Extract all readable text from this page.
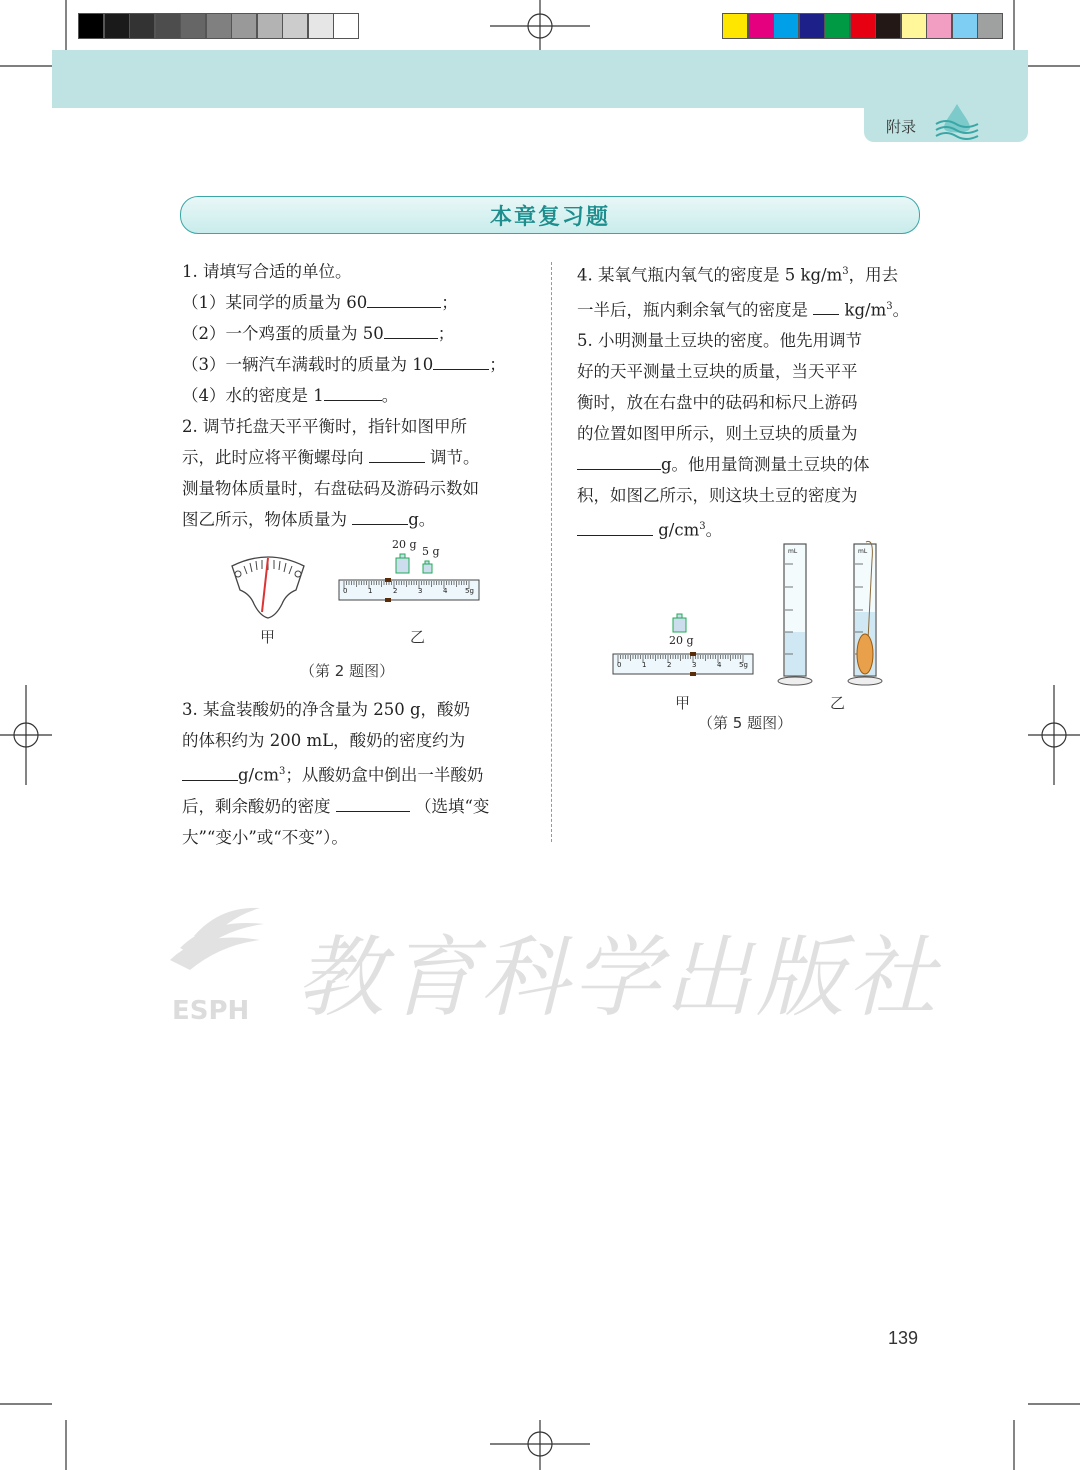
附录
本章复习题

1. 请填写合适的单位。

（1）某同学的质量为 60	；

（2）一个鸡蛋的质量为 50	；

（3）一辆汽车满载时的质量为 10	；

（4）水的密度是 1	。

2. 调节托盘天平平衡时，指针如图甲所

示，此时应将平衡螺母向	调节。

测量物体质量时，右盘砝码及游码示数如

图乙所示，物体质量为	g。

甲
20 g
5 g
0	1	2	3	4	5g
乙
（第 2 题图）

3. 某盒装酸奶的净含量为 250 g，酸奶

的体积约为 200 mL，酸奶的密度约为

$g/cm^3$；从酸奶盒中倒出一半酸奶

后，剩余酸奶的密度	（选填“变

大”“变小”或“不变”）。

4. 某氧气瓶内氧气的密度是 5 $kg/m^3$，用去

一半后，瓶内剩余氧气的密度是 $kg/m^3$。

5. 小明测量土豆块的密度。他先用调节

好的天平测量土豆块的质量，当天平平

衡时，放在右盘中的砝码和标尺上游码

的位置如图甲所示，则土豆块的质量为

g。他用量筒测量土豆块的体

积，如图乙所示，则这块土豆的密度为

$g/cm^3$。

20 g
0	1	2	3	4	5g
mL	mL
甲	乙
（第 5 题图）
ESPH 教育科学出版社
139
